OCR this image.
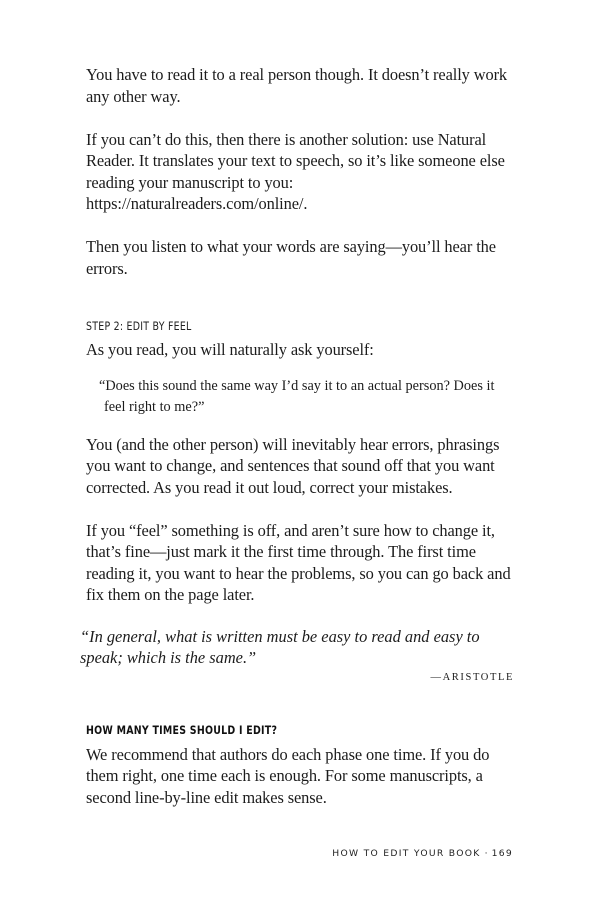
You have to read it to a real person though. It doesn’t really work any other way.

If you can’t do this, then there is another solution: use Natural Reader. It translates your text to speech, so it’s like someone else reading your manuscript to you: https://naturalreaders.com/online/.

Then you listen to what your words are saying—you’ll hear the errors.

STEP 2: EDIT BY FEEL

As you read, you will naturally ask yourself:

“Does this sound the same way I’d say it to an actual person? Does it feel right to me?”

You (and the other person) will inevitably hear errors, phrasings you want to change, and sentences that sound off that you want corrected. As you read it out loud, correct your mistakes.

If you “feel” something is off, and aren’t sure how to change it, that’s fine—just mark it the first time through. The first time reading it, you want to hear the problems, so you can go back and fix them on the page later.

“In general, what is written must be easy to read and easy to speak; which is the same.”

—ARISTOTLE

HOW MANY TIMES SHOULD I EDIT?

We recommend that authors do each phase one time. If you do them right, one time each is enough. For some manuscripts, a second line-by-line edit makes sense.

HOW TO EDIT YOUR BOOK · 169
